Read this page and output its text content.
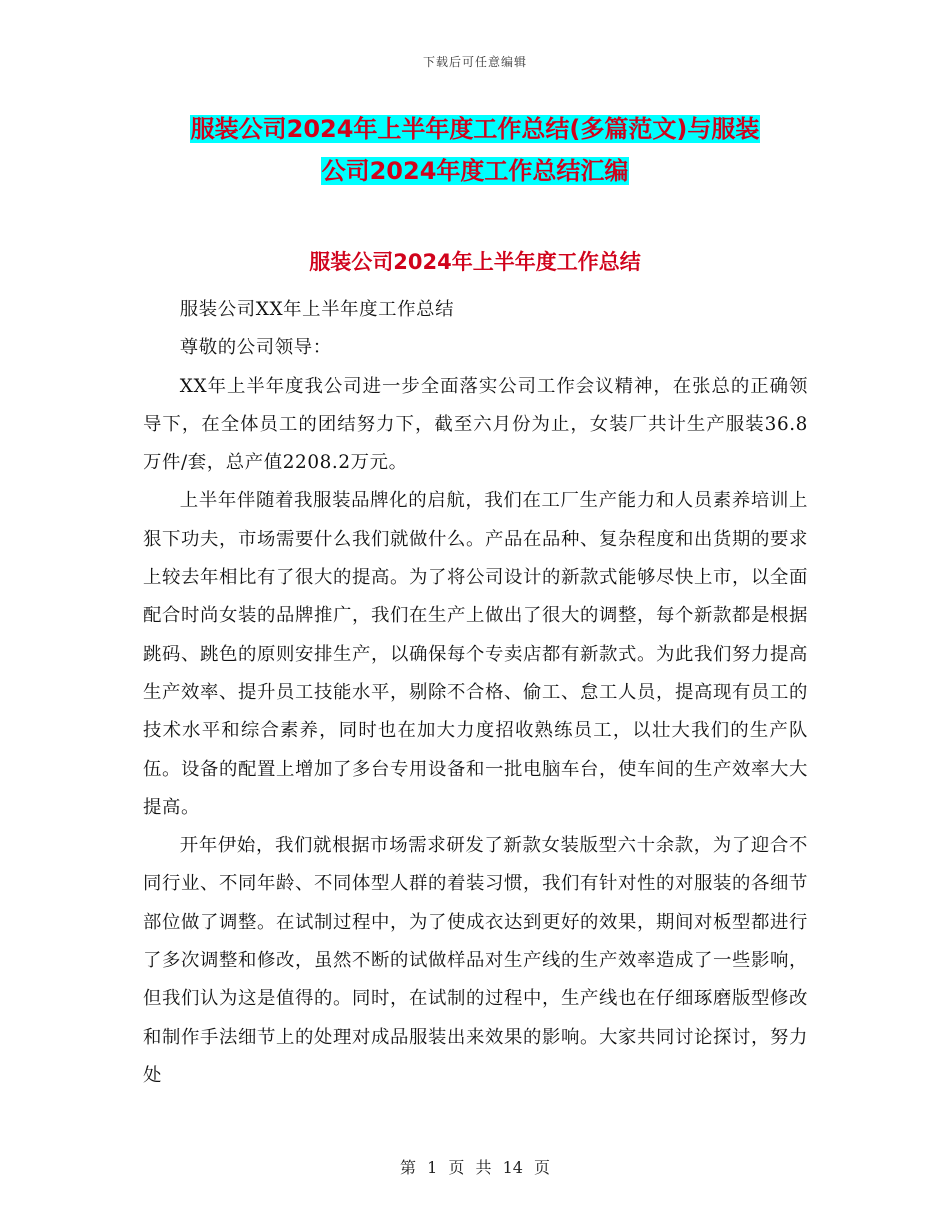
下载后可任意编辑
服装公司2024年上半年度工作总结(多篇范文)与服装
公司2024年度工作总结汇编
服装公司2024年上半年度工作总结

服装公司XX年上半年度工作总结

尊敬的公司领导：

XX年上半年度我公司进一步全面落实公司工作会议精神，在张总的正确领导下，在全体员工的团结努力下，截至六月份为止，女装厂共计生产服装36.8万件/套，总产值2208.2万元。

上半年伴随着我服装品牌化的启航，我们在工厂生产能力和人员素养培训上狠下功夫，市场需要什么我们就做什么。产品在品种、复杂程度和出货期的要求上较去年相比有了很大的提高。为了将公司设计的新款式能够尽快上市，以全面配合时尚女装的品牌推广，我们在生产上做出了很大的调整，每个新款都是根据跳码、跳色的原则安排生产，以确保每个专卖店都有新款式。为此我们努力提高生产效率、提升员工技能水平，剔除不合格、偷工、怠工人员，提高现有员工的技术水平和综合素养，同时也在加大力度招收熟练员工，以壮大我们的生产队伍。设备的配置上增加了多台专用设备和一批电脑车台，使车间的生产效率大大提高。

开年伊始，我们就根据市场需求研发了新款女装版型六十余款，为了迎合不同行业、不同年龄、不同体型人群的着装习惯，我们有针对性的对服装的各细节部位做了调整。在试制过程中，为了使成衣达到更好的效果，期间对板型都进行了多次调整和修改，虽然不断的试做样品对生产线的生产效率造成了一些影响，但我们认为这是值得的。同时，在试制的过程中，生产线也在仔细琢磨版型修改和制作手法细节上的处理对成品服装出来效果的影响。大家共同讨论探讨，努力处

第 1 页 共 14 页
